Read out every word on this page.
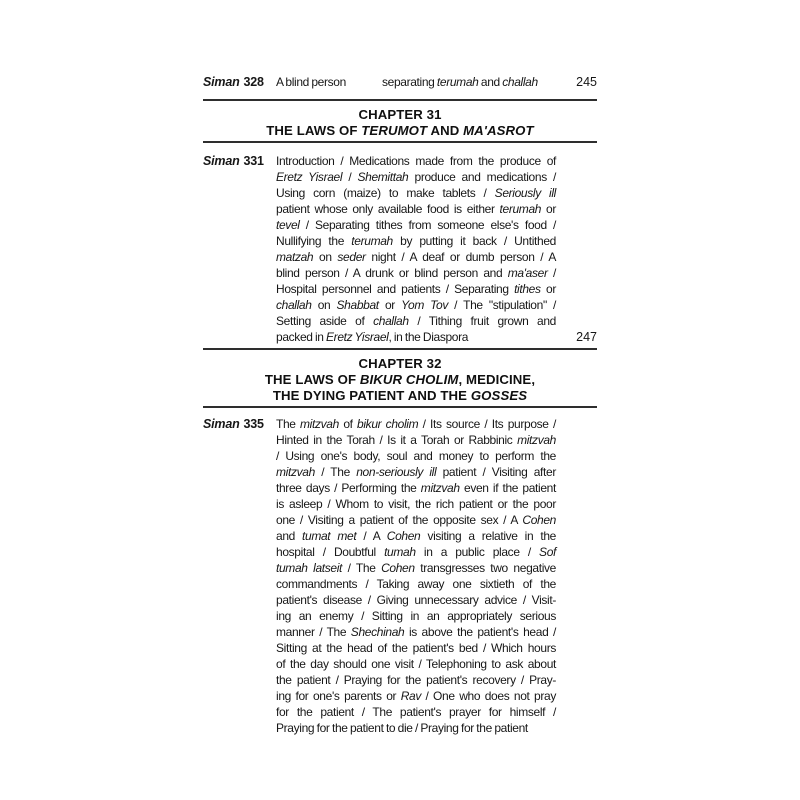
Siman 328	A blind person	separating terumah and challah	245
CHAPTER 31
THE LAWS OF TERUMOT AND MA'ASROT
Siman 331	Introduction / Medications made from the produce of
Eretz Yisrael / Shemittah produce and medications /
Using corn (maize) to make tablets / Seriously ill
patient whose only available food is either terumah or
tevel / Separating tithes from someone else's food /
Nullifying the terumah by putting it back / Untithed
matzah on seder night / A deaf or dumb person / A
blind person / A drunk or blind person and ma'aser /
Hospital personnel and patients / Separating tithes or
challah on Shabbat or Yom Tov / The "stipulation" /
Setting aside of challah / Tithing fruit grown and
packed in Eretz Yisrael, in the Diaspora	247
CHAPTER 32
THE LAWS OF BIKUR CHOLIM, MEDICINE,
THE DYING PATIENT AND THE GOSSES
Siman 335	The mitzvah of bikur cholim / Its source / Its purpose /
Hinted in the Torah / Is it a Torah or Rabbinic mitzvah
/ Using one's body, soul and money to perform the
mitzvah / The non-seriously ill patient / Visiting after
three days / Performing the mitzvah even if the patient
is asleep / Whom to visit, the rich patient or the poor
one / Visiting a patient of the opposite sex / A Cohen
and tumat met / A Cohen visiting a relative in the
hospital / Doubtful tumah in a public place / Sof
tumah latseit / The Cohen transgresses two negative
commandments / Taking away one sixtieth of the
patient's disease / Giving unnecessary advice / Visit-
ing an enemy / Sitting in an appropriately serious
manner / The Shechinah is above the patient's head /
Sitting at the head of the patient's bed / Which hours
of the day should one visit / Telephoning to ask about
the patient / Praying for the patient's recovery / Pray-
ing for one's parents or Rav / One who does not pray
for the patient / The patient's prayer for himself /
Praying for the patient to die / Praying for the patient
